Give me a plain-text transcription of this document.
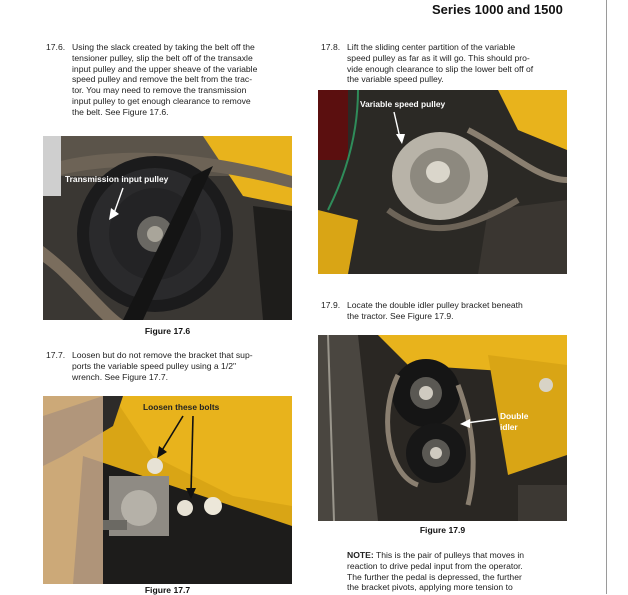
Series 1000 and 1500
17.6. Using the slack created by taking the belt off the
tensioner pulley, slip the belt off of the transaxle
input pulley and the upper sheave of the variable
speed pulley and remove the belt from the trac-
tor. You may need to remove the transmission
input pulley to get enough clearance to remove
the belt. See Figure 17.6.
Transmission input pulley
Figure 17.6
17.7. Loosen but do not remove the bracket that sup-
ports the variable speed pulley using a 1/2"
wrench. See Figure 17.7.
Loosen these bolts
Figure 17.7
17.8. Lift the sliding center partition of the variable
speed pulley as far as it will go. This should pro-
vide enough clearance to slip the lower belt off of
the variable speed pulley.
Variable speed pulley
17.9. Locate the double idler pulley bracket beneath
the tractor. See Figure 17.9.
Double
idler
Figure 17.9
NOTE: This is the pair of pulleys that moves in
reaction to drive pedal input from the operator.
The further the pedal is depressed, the further
the bracket pivots, applying more tension to
